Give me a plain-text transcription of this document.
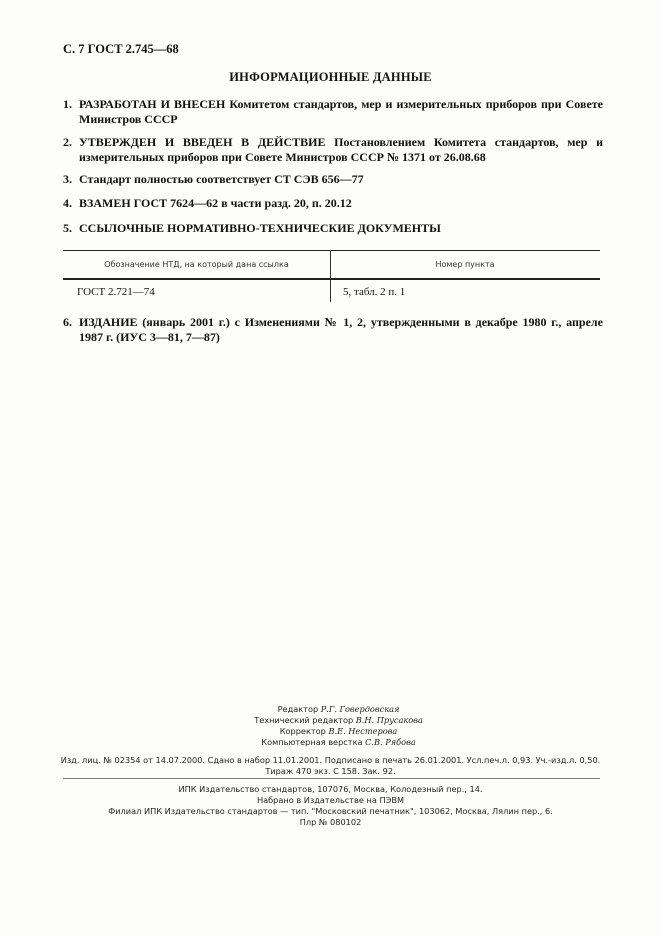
С. 7 ГОСТ 2.745—68
ИНФОРМАЦИОННЫЕ ДАННЫЕ
1. РАЗРАБОТАН И ВНЕСЕН Комитетом стандартов, мер и измерительных приборов при Совете Министров СССР
2. УТВЕРЖДЕН И ВВЕДЕН В ДЕЙСТВИЕ Постановлением Комитета стандартов, мер и измерительных приборов при Совете Министров СССР № 1371 от 26.08.68
3. Стандарт полностью соответствует СТ СЭВ 656—77
4. ВЗАМЕН ГОСТ 7624—62 в части разд. 20, п. 20.12
5. ССЫЛОЧНЫЕ НОРМАТИВНО-ТЕХНИЧЕСКИЕ ДОКУМЕНТЫ
Обозначение НТД, на который дана ссылка	Номер пункта
ГОСТ 2.721—74	5, табл. 2 п. 1
6. ИЗДАНИЕ (январь 2001 г.) с Изменениями № 1, 2, утвержденными в декабре 1980 г., апреле 1987 г. (ИУС 3—81, 7—87)
Редактор Р.Г. Говердовская
Технический редактор В.Н. Прусакова
Корректор В.Е. Нестерова
Компьютерная верстка С.В. Рябова
Изд. лиц. № 02354 от 14.07.2000. Сдано в набор 11.01.2001. Подписано в печать 26.01.2001. Усл.печ.л. 0,93. Уч.-изд.л. 0,50.
Тираж 470 экз. С 158. Зак. 92.
ИПК Издательство стандартов, 107076, Москва, Колодезный пер., 14.
Набрано в Издательстве на ПЭВМ
Филиал ИПК Издательство стандартов — тип. "Московский печатник", 103062, Москва, Лялин пер., 6.
Плр № 080102
